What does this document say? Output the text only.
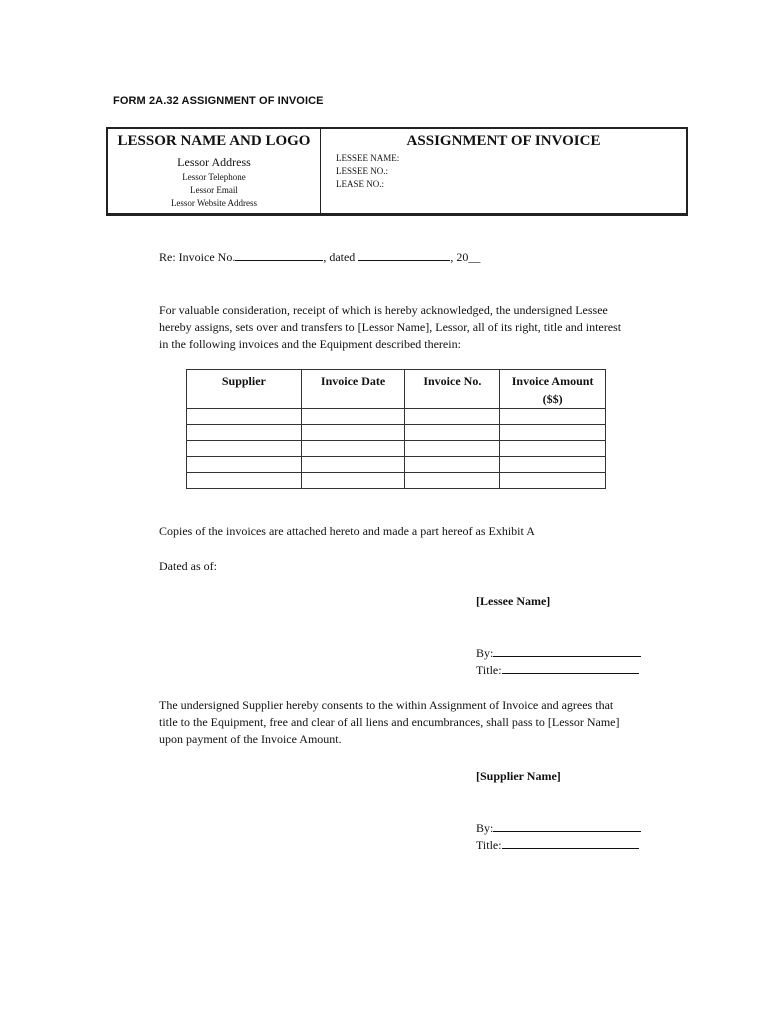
FORM 2A.32 ASSIGNMENT OF INVOICE
LESSOR NAME AND LOGO
Lessor Address
Lessor Telephone
Lessor Email
Lessor Website Address
ASSIGNMENT OF INVOICE
LESSEE NAME:
LESSEE NO.:
LEASE NO.:
Re: Invoice No.	, dated	, 20__
For valuable consideration, receipt of which is hereby acknowledged, the undersigned Lessee
hereby assigns, sets over and transfers to [Lessor Name], Lessor, all of its right, title and interest
in the following invoices and the Equipment described therein:
Supplier	Invoice Date	Invoice No.	Invoice Amount
($$)

Copies of the invoices are attached hereto and made a part hereof as Exhibit A
Dated as of:
[Lessee Name]
By:
Title:
The undersigned Supplier hereby consents to the within Assignment of Invoice and agrees that
title to the Equipment, free and clear of all liens and encumbrances, shall pass to [Lessor Name]
upon payment of the Invoice Amount.
[Supplier Name]
By:
Title:
